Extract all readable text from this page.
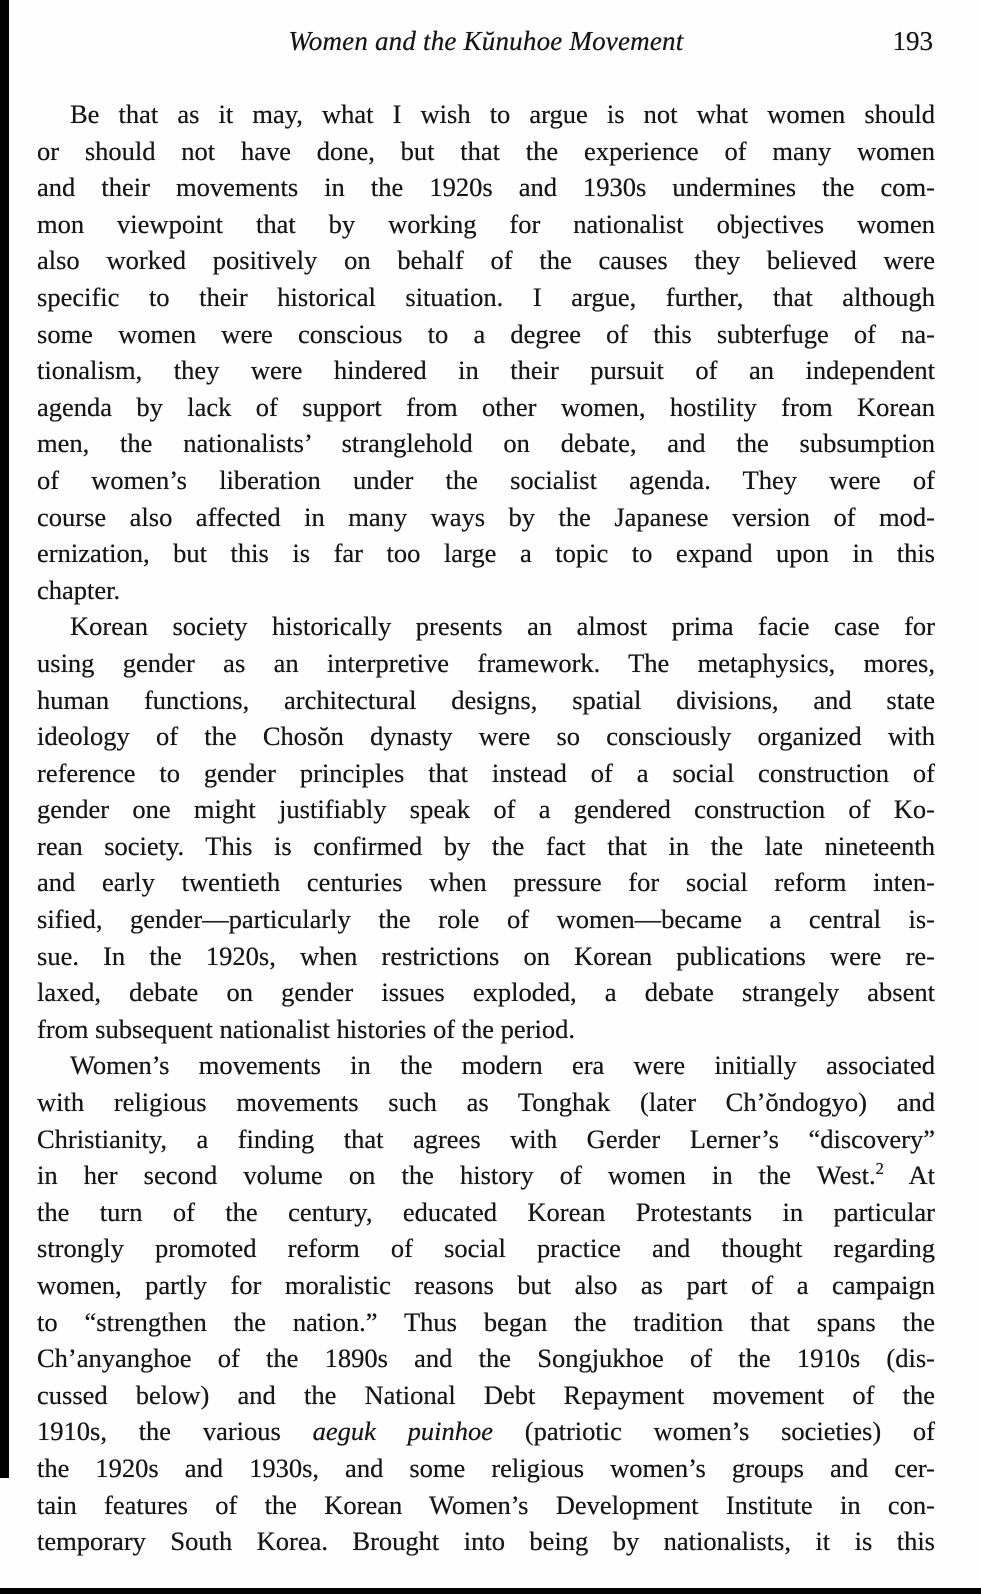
Women and the Kŭnuhoe Movement	193
Be that as it may, what I wish to argue is not what women should
or should not have done, but that the experience of many women
and their movements in the 1920s and 1930s undermines the com-
mon viewpoint that by working for nationalist objectives women
also worked positively on behalf of the causes they believed were
specific to their historical situation. I argue, further, that although
some women were conscious to a degree of this subterfuge of na-
tionalism, they were hindered in their pursuit of an independent
agenda by lack of support from other women, hostility from Korean
men, the nationalists’ stranglehold on debate, and the subsumption
of women’s liberation under the socialist agenda. They were of
course also affected in many ways by the Japanese version of mod-
ernization, but this is far too large a topic to expand upon in this
chapter.
Korean society historically presents an almost prima facie case for
using gender as an interpretive framework. The metaphysics, mores,
human functions, architectural designs, spatial divisions, and state
ideology of the Chosŏn dynasty were so consciously organized with
reference to gender principles that instead of a social construction of
gender one might justifiably speak of a gendered construction of Ko-
rean society. This is confirmed by the fact that in the late nineteenth
and early twentieth centuries when pressure for social reform inten-
sified, gender—particularly the role of women—became a central is-
sue. In the 1920s, when restrictions on Korean publications were re-
laxed, debate on gender issues exploded, a debate strangely absent
from subsequent nationalist histories of the period.
Women’s movements in the modern era were initially associated
with religious movements such as Tonghak (later Ch’ŏndogyo) and
Christianity, a finding that agrees with Gerder Lerner’s “discovery”
in her second volume on the history of women in the West.$^2$ At
the turn of the century, educated Korean Protestants in particular
strongly promoted reform of social practice and thought regarding
women, partly for moralistic reasons but also as part of a campaign
to “strengthen the nation.” Thus began the tradition that spans the
Ch’anyanghoe of the 1890s and the Songjukhoe of the 1910s (dis-
cussed below) and the National Debt Repayment movement of the
1910s, the various aeguk puinhoe (patriotic women’s societies) of
the 1920s and 1930s, and some religious women’s groups and cer-
tain features of the Korean Women’s Development Institute in con-
temporary South Korea. Brought into being by nationalists, it is this
